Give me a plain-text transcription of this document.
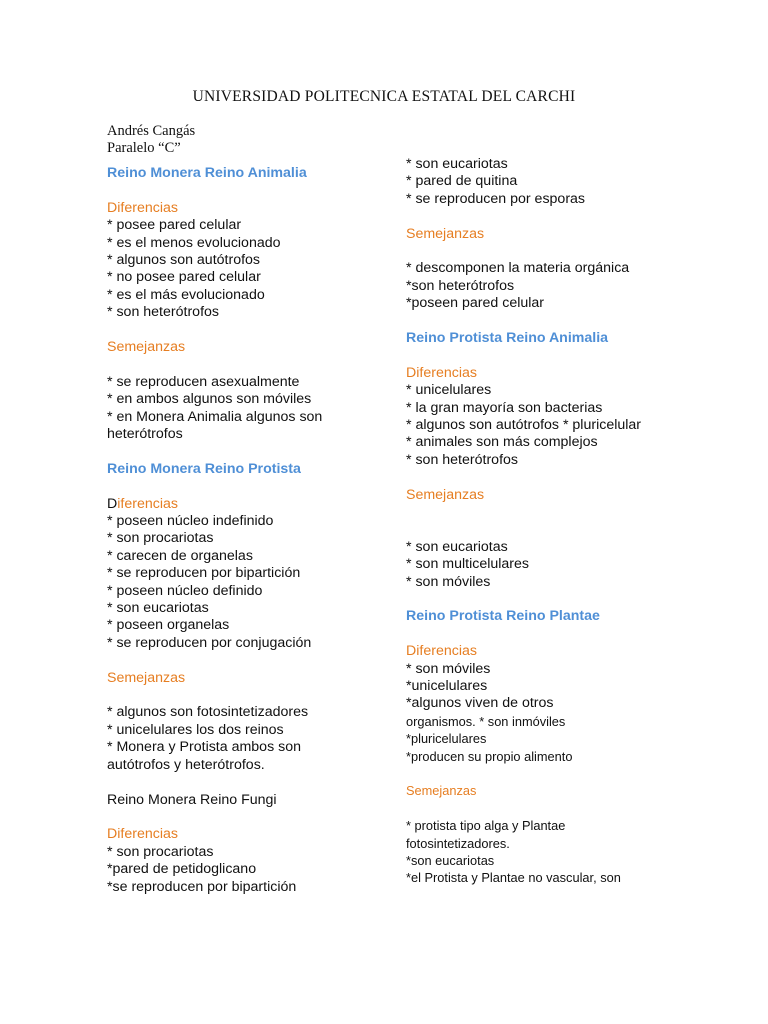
UNIVERSIDAD POLITECNICA ESTATAL DEL CARCHI
Andrés Cangás
Paralelo “C”
Reino Monera Reino Animalia
Diferencias
* posee pared celular
* es el menos evolucionado
* algunos son autótrofos
* no posee pared celular
* es el más evolucionado
* son heterótrofos
Semejanzas
* se reproducen asexualmente
* en ambos algunos son móviles
* en Monera Animalia algunos son
heterótrofos
Reino Monera Reino Protista
Diferencias
* poseen núcleo indefinido
* son procariotas
* carecen de organelas
* se reproducen por bipartición
* poseen núcleo definido
* son eucariotas
* poseen organelas
* se reproducen por conjugación
Semejanzas
* algunos son fotosintetizadores
* unicelulares los dos reinos
* Monera y Protista ambos son
autótrofos y heterótrofos.
Reino Monera Reino Fungi
Diferencias
* son procariotas
*pared de petidoglicano
*se reproducen por bipartición
* son eucariotas
* pared de quitina
* se reproducen por esporas
Semejanzas
* descomponen la materia orgánica
*son heterótrofos
*poseen pared celular
Reino Protista Reino Animalia
Diferencias
* unicelulares
* la gran mayoría son bacterias
* algunos son autótrofos * pluricelular
* animales son más complejos
* son heterótrofos
Semejanzas
* son eucariotas
* son multicelulares
* son móviles
Reino Protista Reino Plantae
Diferencias
* son móviles
*unicelulares
*algunos viven de otros
organismos. * son inmóviles
*pluricelulares
*producen su propio alimento
Semejanzas
* protista tipo alga y Plantae
fotosintetizadores.
*son eucariotas
*el Protista y Plantae no vascular, son
